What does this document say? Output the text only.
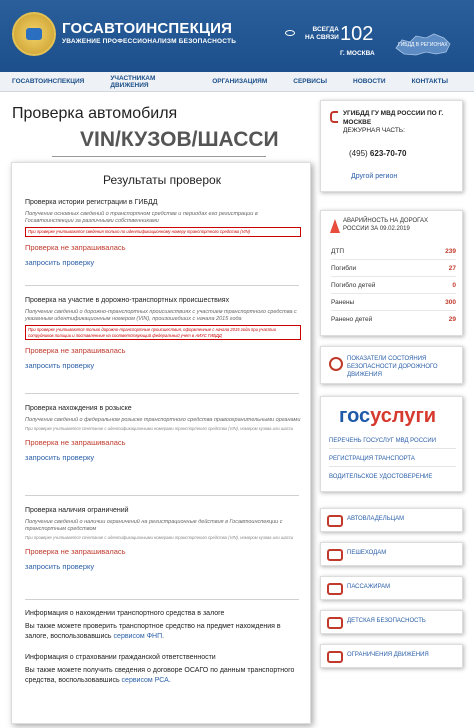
ГОСАВТОИНСПЕКЦИЯ
УВАЖЕНИЕ ПРОФЕССИОНАЛИЗМ БЕЗОПАСНОСТЬ
ВСЕГДА
НА СВЯЗИ 102
Г. МОСКВА
ГИБДД В РЕГИОНАХ
ГОСАВТОИНСПЕКЦИЯ	УЧАСТНИКАМ ДВИЖЕНИЯ	ОРГАНИЗАЦИЯМ	СЕРВИСЫ	НОВОСТИ	КОНТАКТЫ
Проверка автомобиля
VIN/КУЗОВ/ШАССИ
Результаты проверок
Проверка истории регистрации в ГИБДД
Получение основных сведений о транспортном средстве и периодах его регистрации в Госавтоинспекции за различными собственниками
При проверке учитываются сведения только по идентификационному номеру транспортного средства (VIN)
Проверка не запрашивалась
запросить проверку
Проверка на участие в дорожно-транспортных происшествиях
Получение сведений о дорожно-транспортных происшествиях с участием транспортного средства с указанным идентификационным номером (VIN), произошедших с начала 2015 года
При проверке учитываются только дорожно-транспортные происшествия, оформленные с начала 2015 года при участии сотрудников полиции и поставленные на соответствующий федеральный учет в АИУС ГИБДД
Проверка не запрашивалась
запросить проверку
Проверка нахождения в розыске
Получение сведений о федеральном розыске транспортного средства правоохранительными органами
При проверке учитывается сочетание с идентификационными номерами транспортного средства (VIN), номером кузова или шасси
Проверка не запрашивалась
запросить проверку
Проверка наличия ограничений
Получение сведений о наличии ограничений на регистрационные действия в Госавтоинспекции с транспортным средством
При проверке учитывается сочетание с идентификационными номерами транспортного средства (VIN), номером кузова или шасси
Проверка не запрашивалась
запросить проверку
Информация о нахождении транспортного средства в залоге
Вы также можете проверить транспортное средство на предмет нахождения в залоге, воспользовавшись сервисом ФНП.
Информация о страховании гражданской ответственности
Вы также можете получить сведения о договоре ОСАГО по данным транспортного средства, воспользовавшись сервисом РСА.
УГИБДД ГУ МВД РОССИИ ПО Г. МОСКВЕ
ДЕЖУРНАЯ ЧАСТЬ:
(495) 623-70-70
Другой регион
АВАРИЙНОСТЬ НА ДОРОГАХ
РОССИИ ЗА 09.02.2019
ДТП	239
Погибли	27
Погибло детей	0
Ранены	300
Ранено детей	29
ПОКАЗАТЕЛИ СОСТОЯНИЯ
БЕЗОПАСНОСТИ ДОРОЖНОГО
ДВИЖЕНИЯ
госуслуги
ПЕРЕЧЕНЬ ГОСУСЛУГ МВД РОССИИ
РЕГИСТРАЦИЯ ТРАНСПОРТА
ВОДИТЕЛЬСКОЕ УДОСТОВЕРЕНИЕ
АВТОВЛАДЕЛЬЦАМ
ПЕШЕХОДАМ
ПАССАЖИРАМ
ДЕТСКАЯ БЕЗОПАСНОСТЬ
ОГРАНИЧЕНИЯ ДВИЖЕНИЯ
